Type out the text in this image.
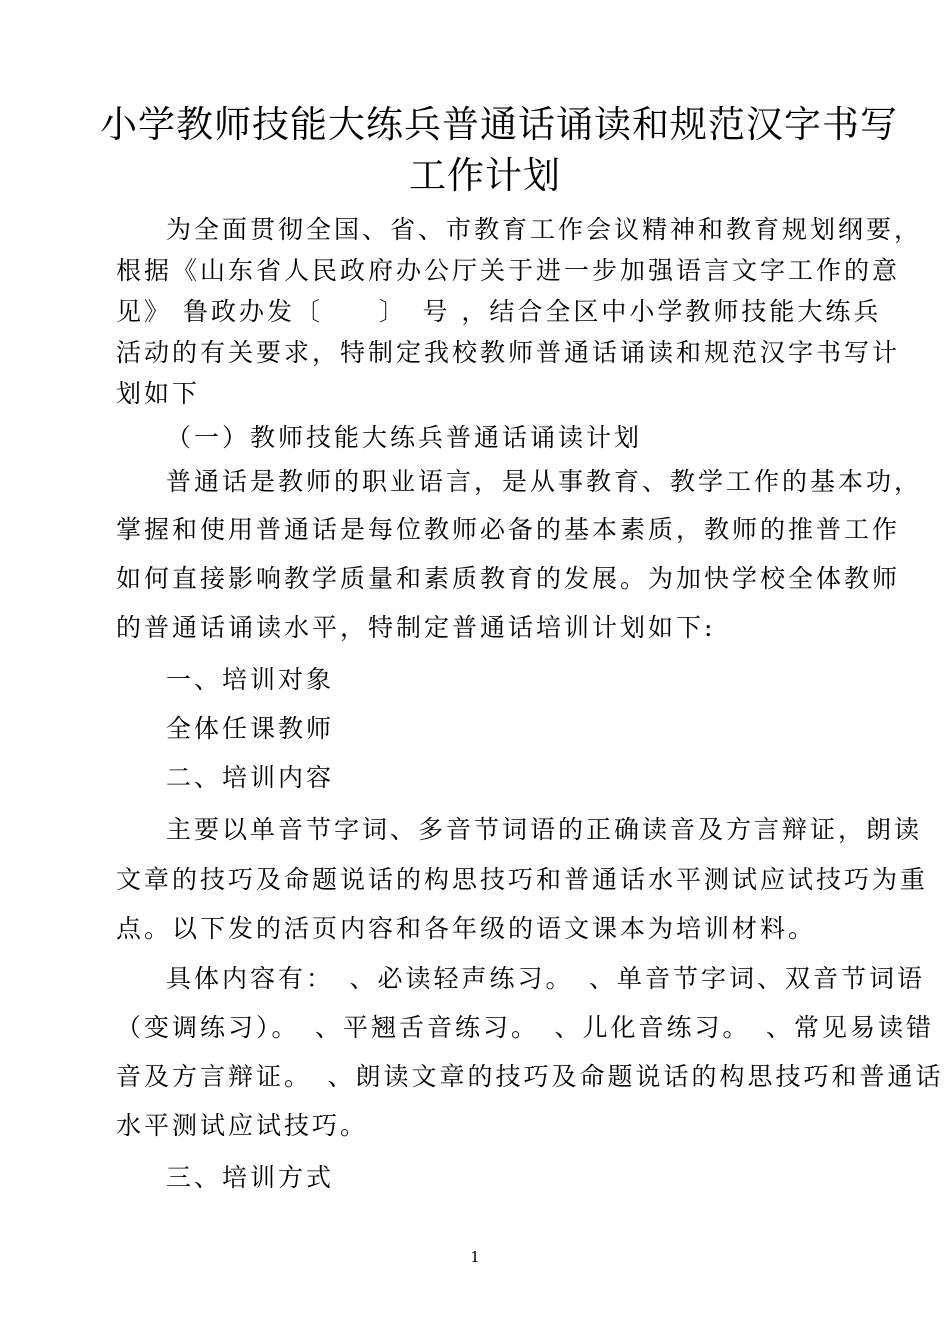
小学教师技能大练兵普通话诵读和规范汉字书写
工作计划
为全面贯彻全国、省、市教育工作会议精神和教育规划纲要，
根据《山东省人民政府办公厅关于进一步加强语言文字工作的意
见》 鲁政办发〔　　〕　号 ，结合全区中小学教师技能大练兵
活动的有关要求，特制定我校教师普通话诵读和规范汉字书写计
划如下
（一）教师技能大练兵普通话诵读计划
普通话是教师的职业语言，是从事教育、教学工作的基本功，
掌握和使用普通话是每位教师必备的基本素质，教师的推普工作
如何直接影响教学质量和素质教育的发展。为加快学校全体教师
的普通话诵读水平，特制定普通话培训计划如下:
一、培训对象
全体任课教师
二、培训内容
主要以单音节字词、多音节词语的正确读音及方言辩证，朗读
文章的技巧及命题说话的构思技巧和普通话水平测试应试技巧为重
点。以下发的活页内容和各年级的语文课本为培训材料。
具体内容有：　、必读轻声练习。　、单音节字词、双音节词语
（变调练习）。　、平翘舌音练习。　、儿化音练习。　、常见易读错
音及方言辩证。　、朗读文章的技巧及命题说话的构思技巧和普通话
水平测试应试技巧。
三、培训方式
1
